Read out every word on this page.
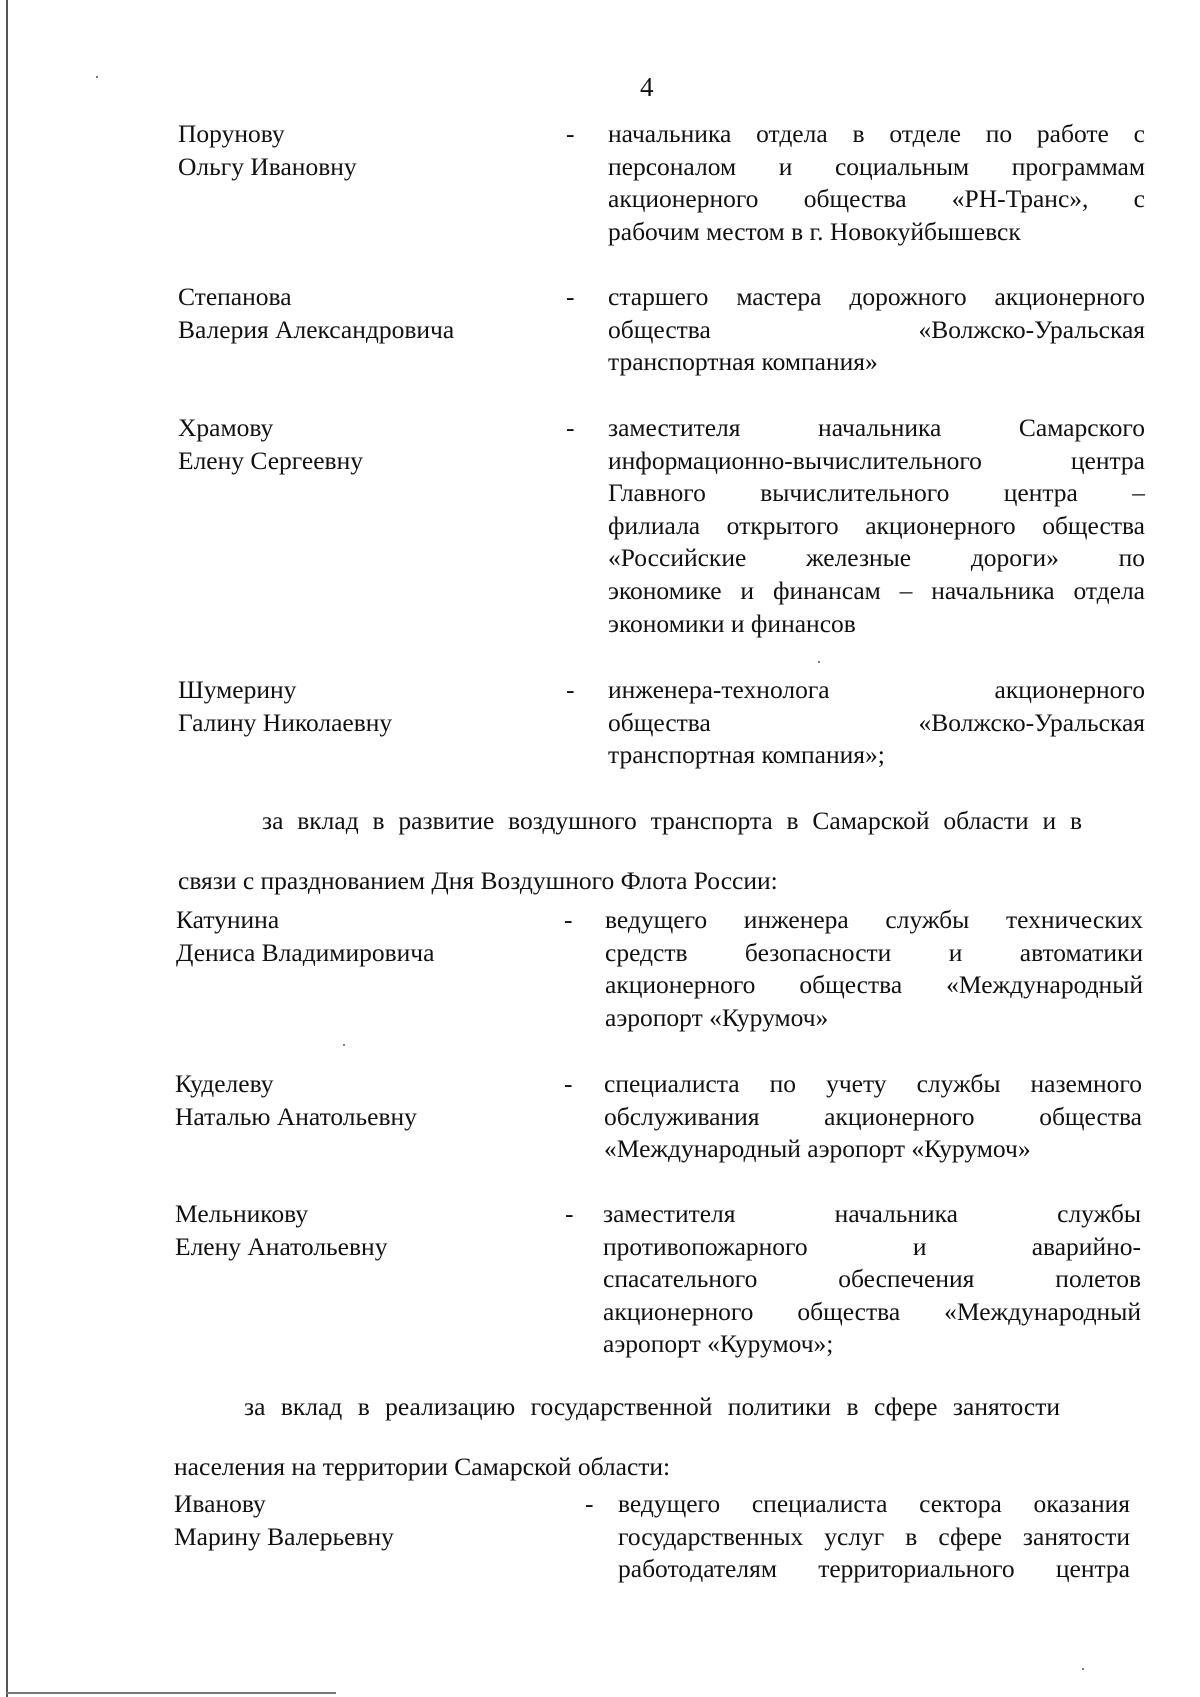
4
Порунову
Ольгу Ивановну
- начальника отдела в отделе по работе с
персоналом и социальным программам
акционерного общества «РН-Транс», с
рабочим местом в г. Новокуйбышевск
Степанова
Валерия Александровича
- старшего мастера дорожного акционерного
общества «Волжско-Уральская
транспортная компания»
Храмову
Елену Сергеевну
- заместителя начальника Самарского
информационно-вычислительного центра
Главного вычислительного центра –
филиала открытого акционерного общества
«Российские железные дороги» по
экономике и финансам – начальника отдела
экономики и финансов
Шумерину
Галину Николаевну
- инженера-технолога акционерного
общества «Волжско-Уральская
транспортная компания»;
за вклад в развитие воздушного транспорта в Самарской области и в
связи с празднованием Дня Воздушного Флота России:
Катунина
Дениса Владимировича
- ведущего инженера службы технических
средств безопасности и автоматики
акционерного общества «Международный
аэропорт «Курумоч»
Куделеву
Наталью Анатольевну
- специалиста по учету службы наземного
обслуживания акционерного общества
«Международный аэропорт «Курумоч»
Мельникову
Елену Анатольевну
- заместителя начальника службы
противопожарного и аварийно-
спасательного обеспечения полетов
акционерного общества «Международный
аэропорт «Курумоч»;
за вклад в реализацию государственной политики в сфере занятости
населения на территории Самарской области:
Иванову
Марину Валерьевну
- ведущего специалиста сектора оказания
государственных услуг в сфере занятости
работодателям территориального центра
